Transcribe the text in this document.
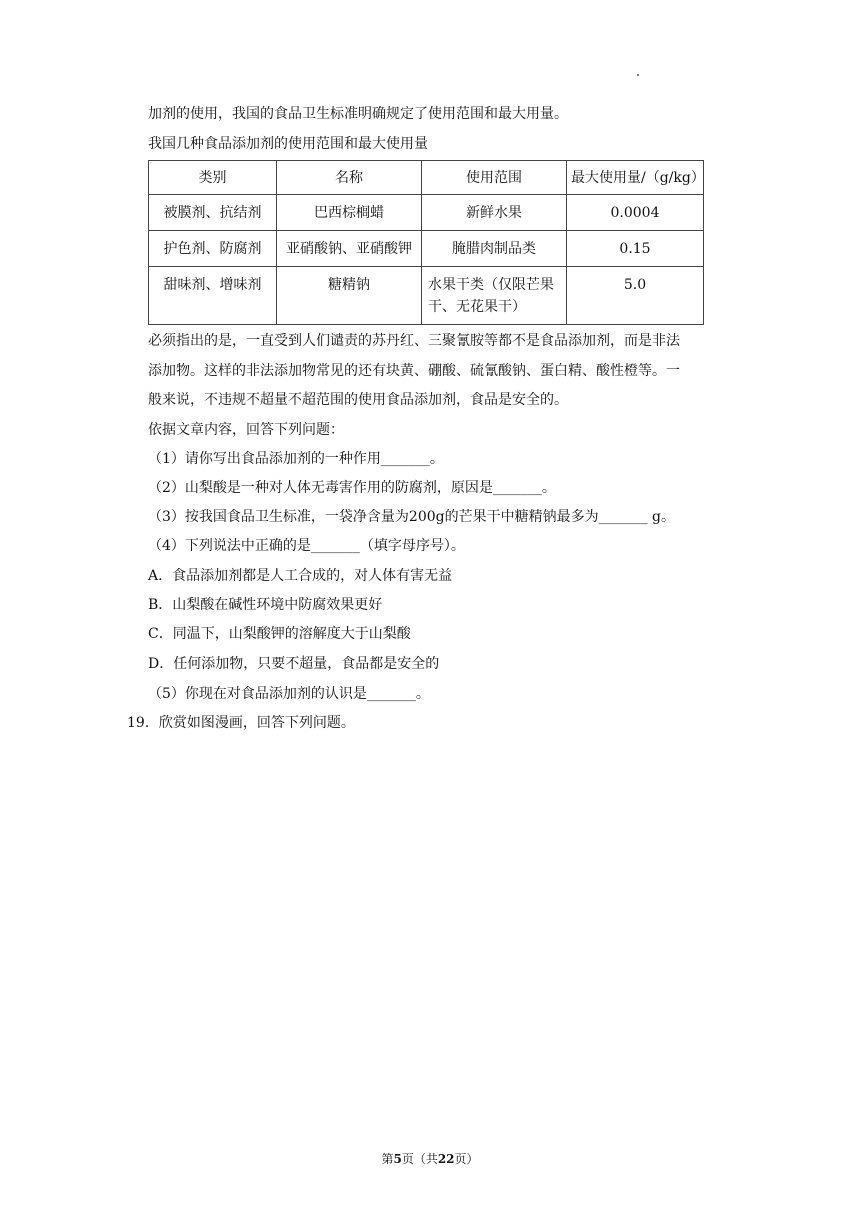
加剂的使用，我国的食品卫生标准明确规定了使用范围和最大用量。
我国几种食品添加剂的使用范围和最大使用量
类别	名称	使用范围	最大使用量/（g/kg）
被膜剂、抗结剂	巴西棕榈蜡	新鲜水果	0.0004
护色剂、防腐剂	亚硝酸钠、亚硝酸钾	腌腊肉制品类	0.15
甜味剂、增味剂	糖精钠	水果干类（仅限芒果干、无花果干）	5.0
必须指出的是，一直受到人们谴责的苏丹红、三聚氰胺等都不是食品添加剂，而是非法
添加物。这样的非法添加物常见的还有块黄、硼酸、硫氰酸钠、蛋白精、酸性橙等。一
般来说，不违规不超量不超范围的使用食品添加剂，食品是安全的。
依据文章内容，回答下列问题：
（1）请你写出食品添加剂的一种作用_______。
（2）山梨酸是一种对人体无毒害作用的防腐剂，原因是_______。
（3）按我国食品卫生标准，一袋净含量为200g的芒果干中糖精钠最多为_______ g。
（4）下列说法中正确的是_______（填字母序号）。
A．食品添加剂都是人工合成的，对人体有害无益
B．山梨酸在碱性环境中防腐效果更好
C．同温下，山梨酸钾的溶解度大于山梨酸
D．任何添加物，只要不超量，食品都是安全的
（5）你现在对食品添加剂的认识是_______。
19．欣赏如图漫画，回答下列问题。
第5页（共22页）
